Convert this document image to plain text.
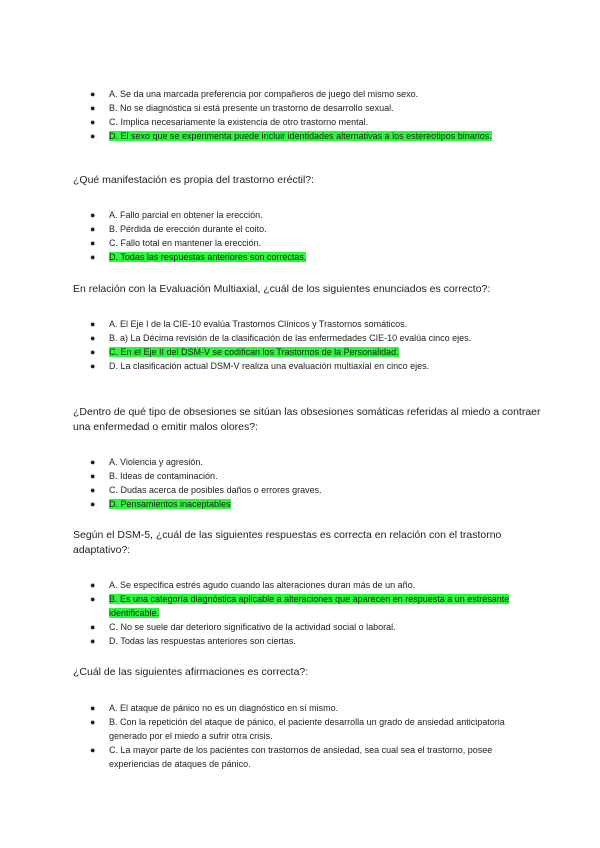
● A. Se da una marcada preferencia por compañeros de juego del mismo sexo.
● B. No se diagnóstica si está presente un trastorno de desarrollo sexual.
● C. Implica necesariamente la existencia de otro trastorno mental.
● D. El sexo que se experimenta puede incluir identidades alternativas a los estereotipos binarios.

¿Qué manifestación es propia del trastorno eréctil?:

● A. Fallo parcial en obtener la erección.
● B. Pérdida de erección durante el coito.
● C. Fallo total en mantener la erección.
● D. Todas las respuestas anteriores son correctas.

En relación con la Evaluación Multiaxial, ¿cuál de los siguientes enunciados es correcto?:

● A. El Eje I de la CIE-10 evalúa Trastornos Clínicos y Trastornos somáticos.
● B. a) La Décima revisión de la clasificación de las enfermedades CIE-10 evalúa cinco ejes.
● C. En el Eje II del DSM-V se codifican los Trastornos de la Personalidad.
● D. La clasificación actual DSM-V realiza una evaluación multiaxial en cinco ejes.

¿Dentro de qué tipo de obsesiones se sitúan las obsesiones somáticas referidas al miedo a contraer una enfermedad o emitir malos olores?:

● A. Violencia y agresión.
● B. Ideas de contaminación.
● C. Dudas acerca de posibles daños o errores graves.
● D. Pensamientos inaceptables

Según el DSM-5, ¿cuál de las siguientes respuestas es correcta en relación con el trastorno adaptativo?:

● A. Se especifica estrés agudo cuando las alteraciones duran más de un año.
● B. Es una categoría diagnóstica aplicable a alteraciones que aparecen en respuesta a un estresante identificable.
● C. No se suele dar deterioro significativo de la actividad social o laboral.
● D. Todas las respuestas anteriores son ciertas.

¿Cuál de las siguientes afirmaciones es correcta?:

● A. El ataque de pánico no es un diagnóstico en sí mismo.
● B. Con la repetición del ataque de pánico, el paciente desarrolla un grado de ansiedad anticipatoria generado por el miedo a sufrir otra crisis.
● C. La mayor parte de los pacientes con trastornos de ansiedad, sea cual sea el trastorno, posee experiencias de ataques de pánico.
